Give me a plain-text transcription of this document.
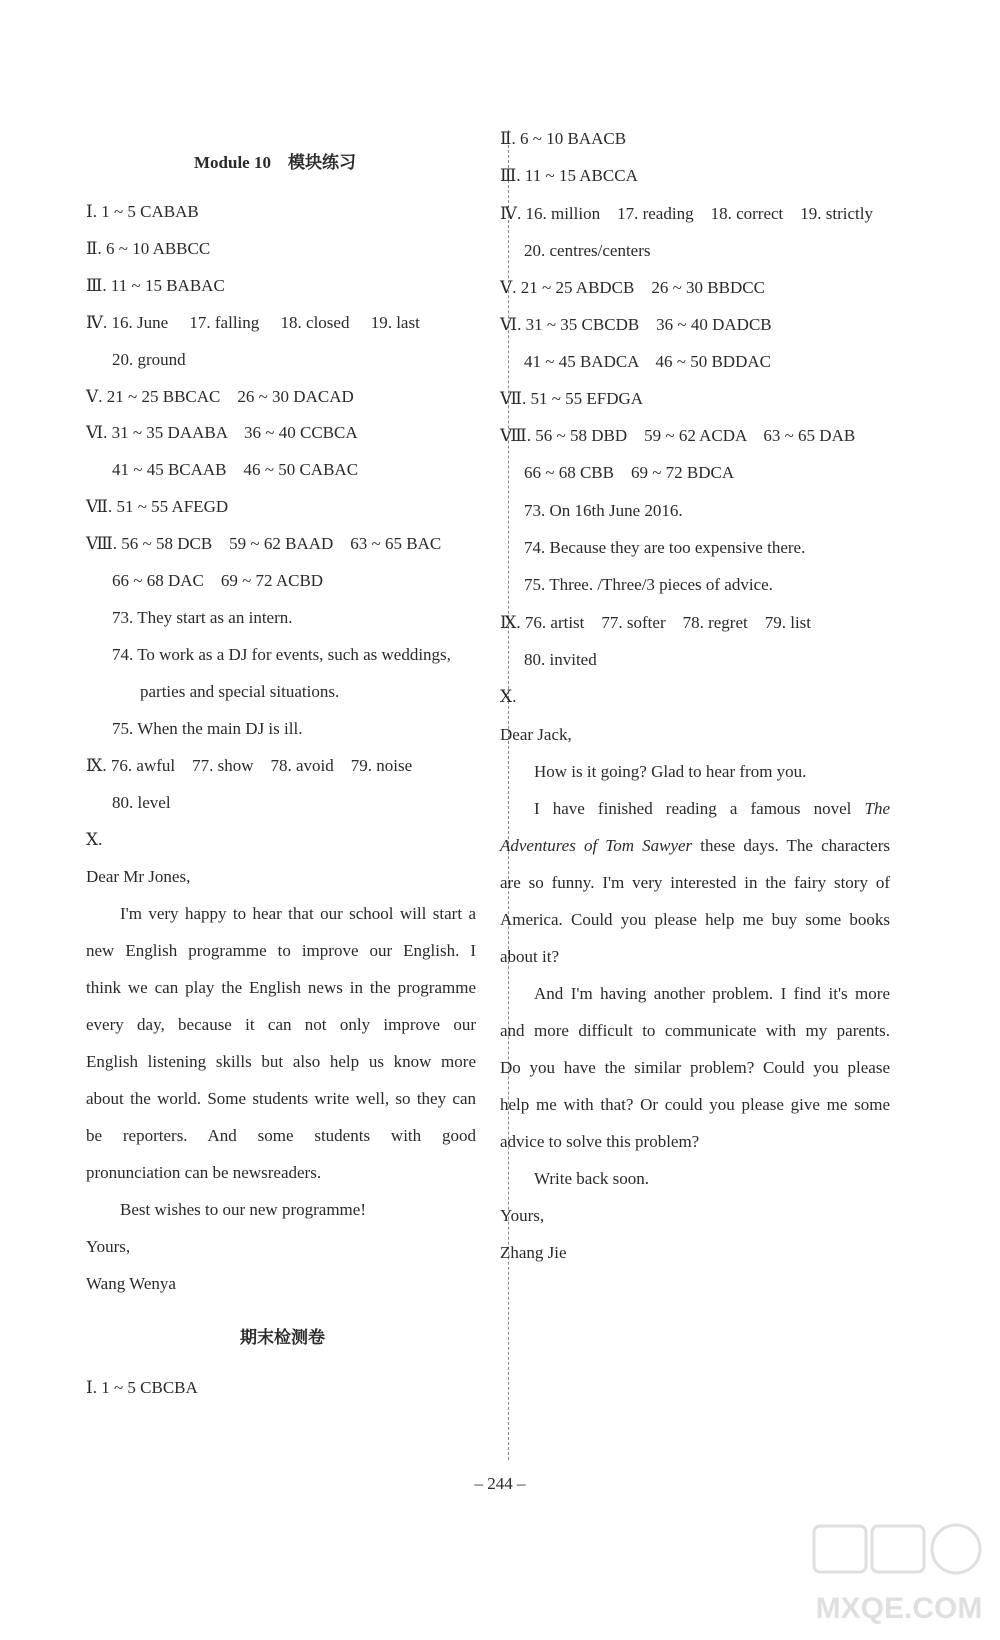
Module 10　模块练习
Ⅰ. 1 ~ 5 CABAB
Ⅱ. 6 ~ 10 ABBCC
Ⅲ. 11 ~ 15 BABAC
Ⅳ. 16. June　 17. falling　 18. closed　 19. last
20. ground
Ⅴ. 21 ~ 25 BBCAC　26 ~ 30 DACAD
Ⅵ. 31 ~ 35 DAABA　36 ~ 40 CCBCA
41 ~ 45 BCAAB　46 ~ 50 CABAC
Ⅶ. 51 ~ 55 AFEGD
Ⅷ. 56 ~ 58 DCB　59 ~ 62 BAAD　63 ~ 65 BAC
66 ~ 68 DAC　69 ~ 72 ACBD
73. They start as an intern.
74. To work as a DJ for events, such as weddings,
parties and special situations.
75. When the main DJ is ill.
Ⅸ. 76. awful　77. show　78. avoid　79. noise
80. level
Ⅹ.
Dear Mr Jones,
I'm very happy to hear that our school will start a
new English programme to improve our English. I
think we can play the English news in the programme
every day, because it can not only improve our
English listening skills but also help us know more
about the world. Some students write well, so they can
be reporters. And some students with good
pronunciation can be newsreaders.
Best wishes to our new programme!
Yours,
Wang Wenya
期末检测卷
Ⅰ. 1 ~ 5 CBCBA
Ⅱ. 6 ~ 10 BAACB
Ⅲ. 11 ~ 15 ABCCA
Ⅳ. 16. million　17. reading　18. correct　19. strictly
20. centres/centers
Ⅴ. 21 ~ 25 ABDCB　26 ~ 30 BBDCC
Ⅵ. 31 ~ 35 CBCDB　36 ~ 40 DADCB
41 ~ 45 BADCA　46 ~ 50 BDDAC
Ⅶ. 51 ~ 55 EFDGA
Ⅷ. 56 ~ 58 DBD　59 ~ 62 ACDA　63 ~ 65 DAB
66 ~ 68 CBB　69 ~ 72 BDCA
73. On 16th June 2016.
74. Because they are too expensive there.
75. Three. /Three/3 pieces of advice.
Ⅸ. 76. artist　77. softer　78. regret　79. list
80. invited
Ⅹ.
Dear Jack,
How is it going? Glad to hear from you.
I have finished reading a famous novel The
Adventures of Tom Sawyer these days. The characters
are so funny. I'm very interested in the fairy story of
America. Could you please help me buy some books
about it?
And I'm having another problem. I find it's more
and more difficult to communicate with my parents.
Do you have the similar problem? Could you please
help me with that? Or could you please give me some
advice to solve this problem?
Write back soon.
Yours,
Zhang Jie
– 244 –
MXQE.COM
